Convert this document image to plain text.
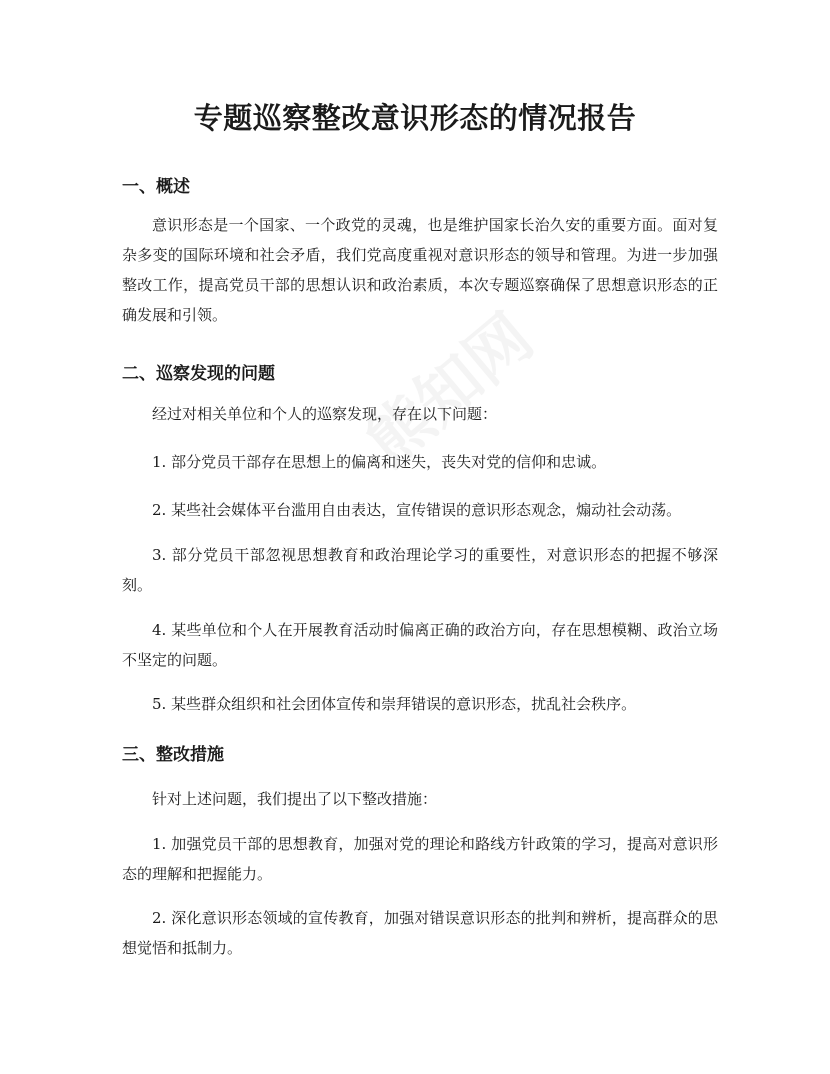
专题巡察整改意识形态的情况报告
一、概述

意识形态是一个国家、一个政党的灵魂，也是维护国家长治久安的重要方面。面对复杂多变的国际环境和社会矛盾，我们党高度重视对意识形态的领导和管理。为进一步加强整改工作，提高党员干部的思想认识和政治素质，本次专题巡察确保了思想意识形态的正确发展和引领。

二、巡察发现的问题

经过对相关单位和个人的巡察发现，存在以下问题：

1. 部分党员干部存在思想上的偏离和迷失，丧失对党的信仰和忠诚。

2. 某些社会媒体平台滥用自由表达，宣传错误的意识形态观念，煽动社会动荡。

3. 部分党员干部忽视思想教育和政治理论学习的重要性，对意识形态的把握不够深刻。

4. 某些单位和个人在开展教育活动时偏离正确的政治方向，存在思想模糊、政治立场不坚定的问题。

5. 某些群众组织和社会团体宣传和崇拜错误的意识形态，扰乱社会秩序。

三、整改措施

针对上述问题，我们提出了以下整改措施：

1. 加强党员干部的思想教育，加强对党的理论和路线方针政策的学习，提高对意识形态的理解和把握能力。

2. 深化意识形态领域的宣传教育，加强对错误意识形态的批判和辨析，提高群众的思想觉悟和抵制力。
